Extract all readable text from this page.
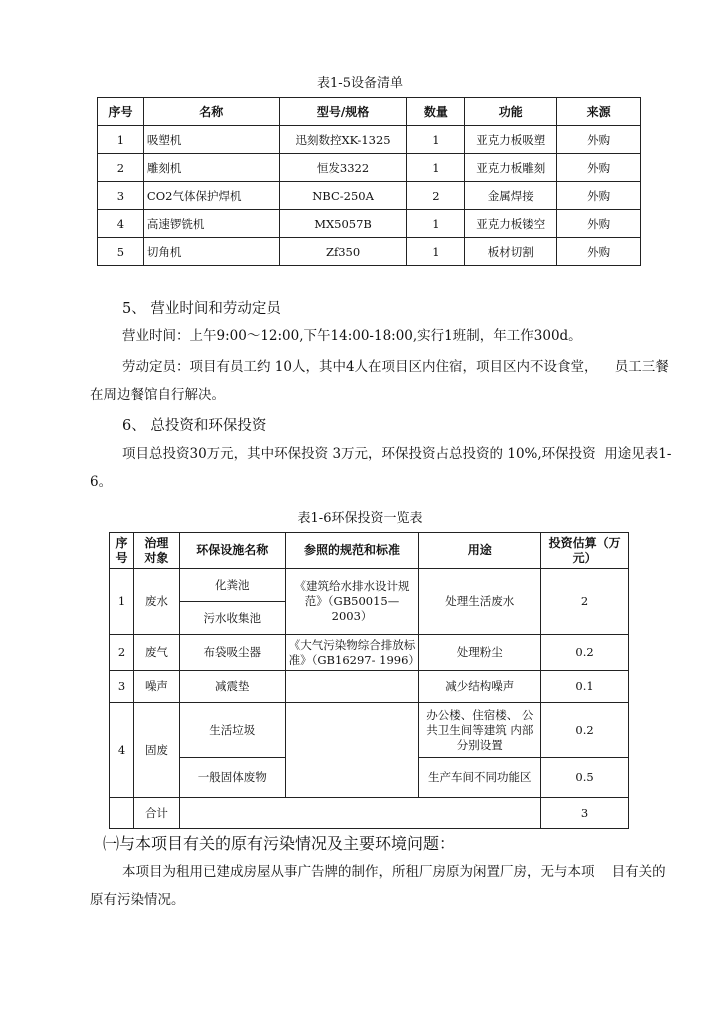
表1-5设备清单
序号	名称	型号/规格	数量	功能	来源
1	吸塑机	迅刻数控XK-1325	1	亚克力板吸塑	外购
2	雕刻机	恒发3322	1	亚克力板雕刻	外购
3	CO2气体保护焊机	NBC-250A	2	金属焊接	外购
4	高速锣铣机	MX5057B	1	亚克力板镂空	外购
5	切角机	Zf350	1	板材切割	外购
5、 营业时间和劳动定员
营业时间：上午9:00～12:00,下午14:00-18:00,实行1班制，年工作300d。
劳动定员：项目有员工约 10人，其中4人在项目区内住宿，项目区内不设食堂，    员工三餐
在周边餐馆自行解决。
6、 总投资和环保投资
项目总投资30万元，其中环保投资 3万元，环保投资占总投资的 10%,环保投资  用途见表1-
6。
表1-6环保投资一览表
序号	治理 对象	环保设施名称	参照的规范和标准	用途	投资估算（万元）
1	废水	化粪池	《建筑给水排水设计规范》（GB50015—2003）	处理生活废水	2
		污水收集池			
2	废气	布袋吸尘器	《大气污染物综合排放标准》（GB16297- 1996）	处理粉尘	0.2
3	噪声	减震垫		减少结构噪声	0.1
4	固废	生活垃圾		办公楼、住宿楼、 公共卫生间等建筑 内部分别设置	0.2
		一般固体废物		生产车间不同功能区	0.5
	合计				3
㈠与本项目有关的原有污染情况及主要环境问题：
本项目为租用已建成房屋从事广告牌的制作，所租厂房原为闲置厂房，无与本项    目有关的
原有污染情况。
